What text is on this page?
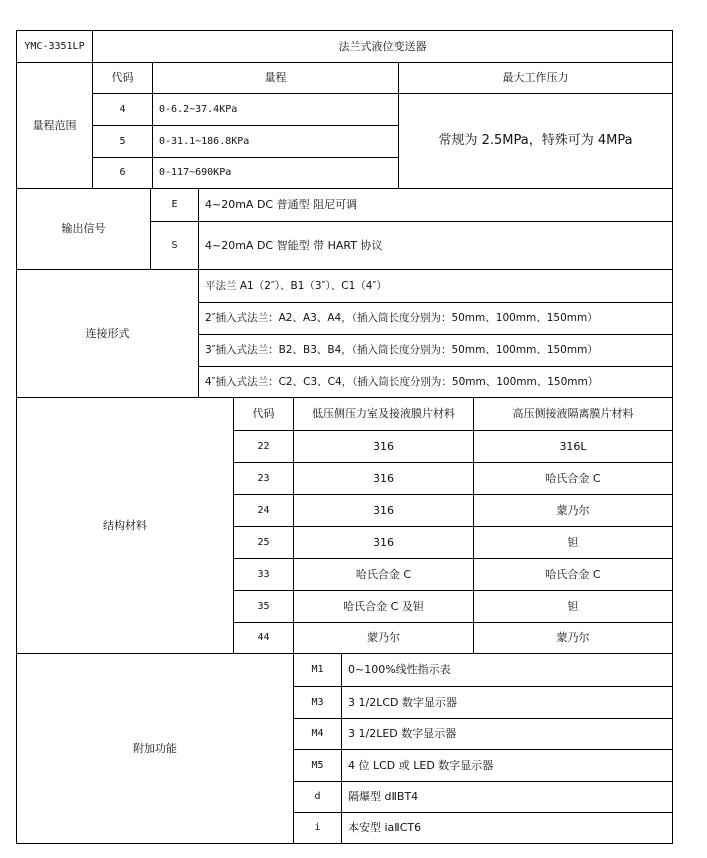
YMC-3351LP	法兰式液位变送器
量程范围
代码	量程	最大工作压力
4	0-6.2~37.4KPa
5	0-31.1~186.8KPa
6	0-117~690KPa
常规为 2.5MPa，特殊可为 4MPa
输出信号
E	4~20mA DC 普通型 阻尼可调
S	4~20mA DC 智能型 带 HART 协议
连接形式
平法兰 A1（2″）、B1（3″）、C1（4″）
2″插入式法兰：A2、A3、A4，（插入筒长度分别为：50mm、100mm、150mm）
3″插入式法兰：B2、B3、B4，（插入筒长度分别为：50mm、100mm、150mm）
4″插入式法兰：C2、C3、C4，（插入筒长度分别为：50mm、100mm、150mm）
结构材料
代码	低压侧压力室及接液膜片材料	高压侧接液隔离膜片材料
22	316	316L
23	316	哈氏合金 C
24	316	蒙乃尔
25	316	钽
33	哈氏合金 C	哈氏合金 C
35	哈氏合金 C 及钽	钽
44	蒙乃尔	蒙乃尔
附加功能
M1	0~100%线性指示表
M3	3 1/2LCD 数字显示器
M4	3 1/2LED 数字显示器
M5	4 位 LCD 或 LED 数字显示器
d	隔爆型 dⅡBT4
i	本安型 iaⅡCT6
